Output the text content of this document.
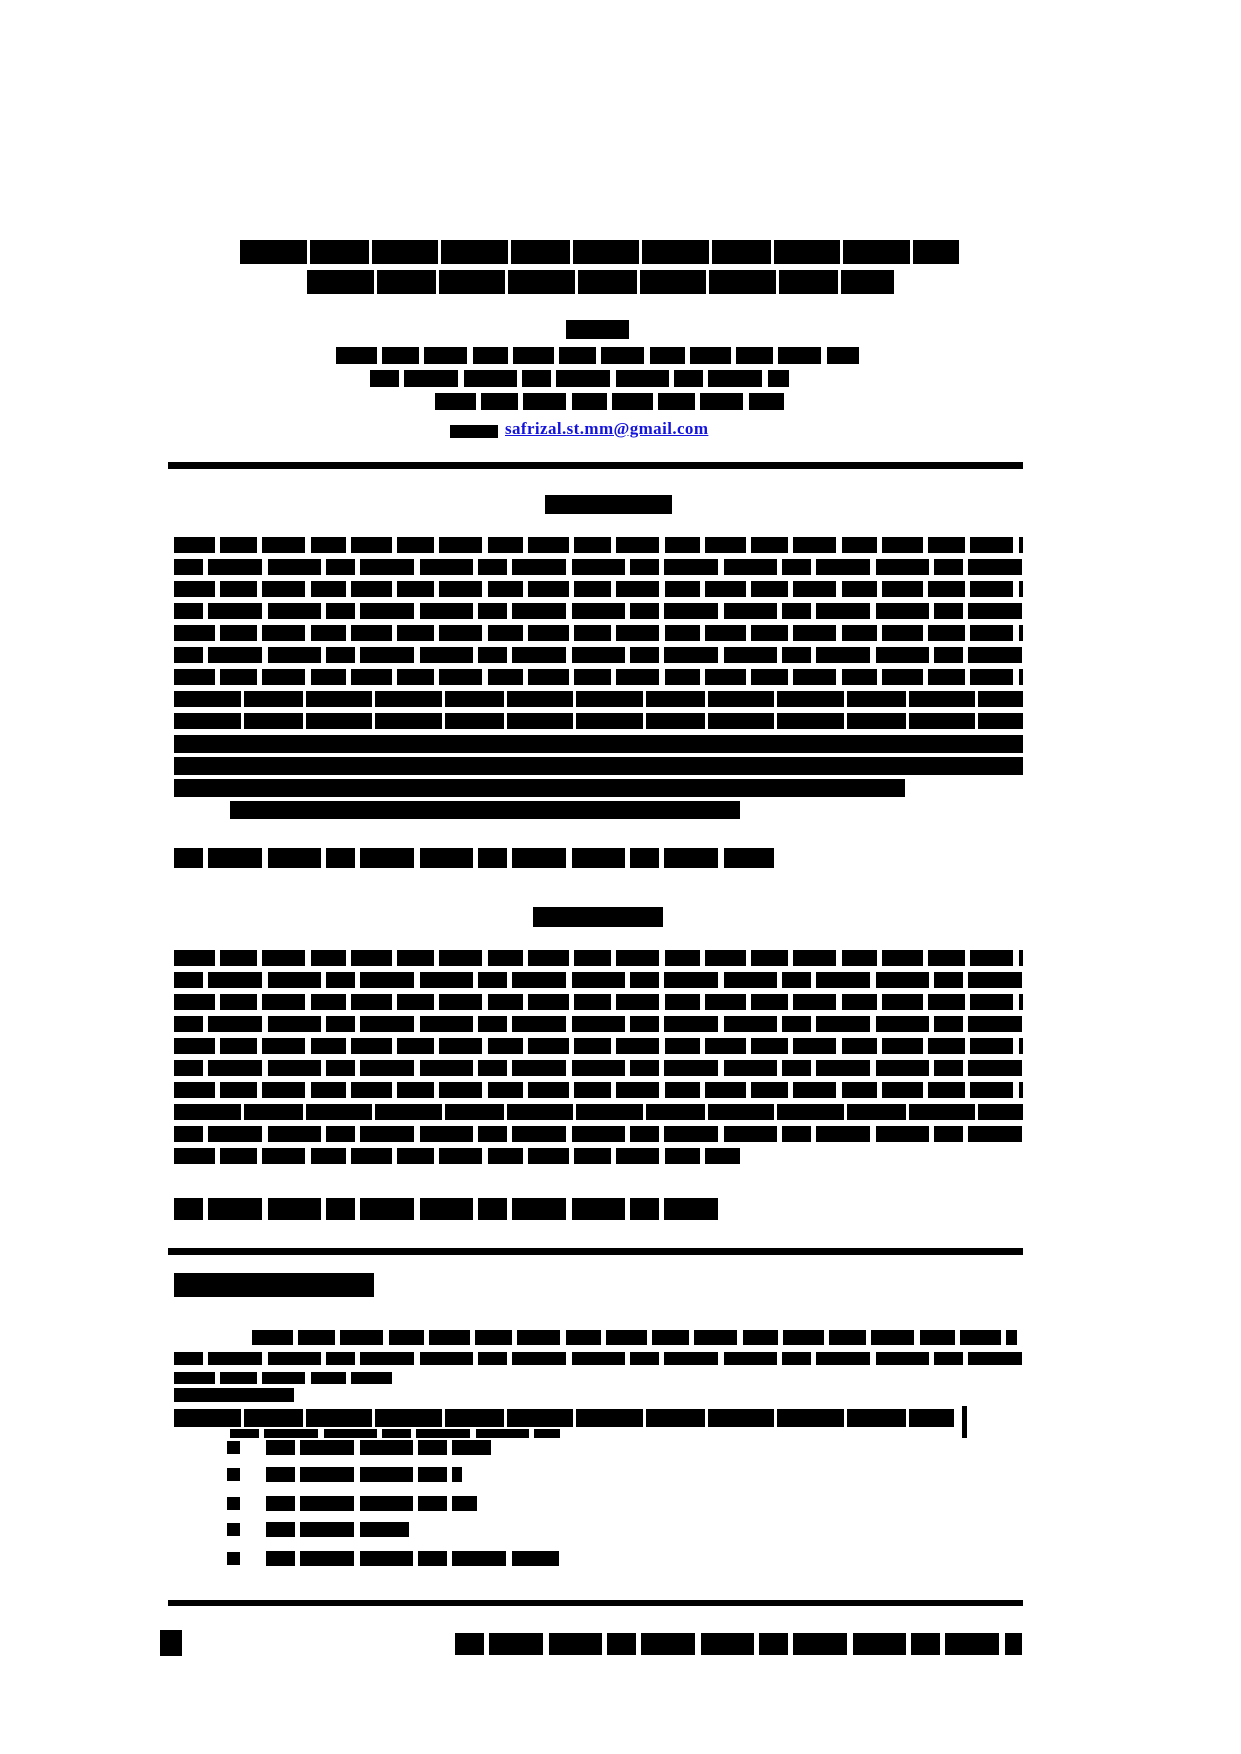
safrizal.st.mm@gmail.com
